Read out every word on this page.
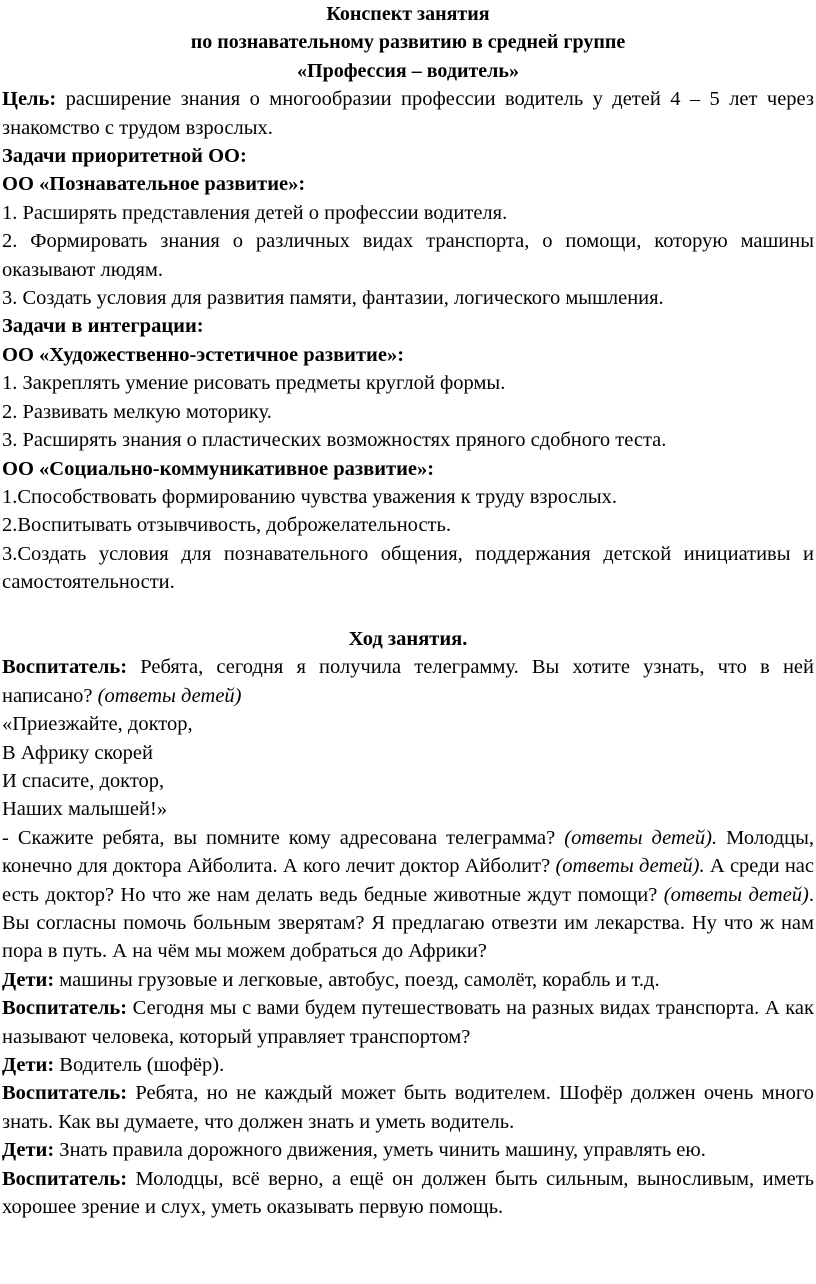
Конспект занятия
по познавательному развитию в средней группе
«Профессия – водитель»

Цель: расширение знания о многообразии профессии водитель у детей 4 – 5 лет через знакомство с трудом взрослых.

Задачи приоритетной ОО:

ОО «Познавательное развитие»:

1. Расширять представления детей о профессии водителя.

2. Формировать знания о различных видах транспорта, о помощи, которую машины оказывают людям.

3. Создать условия для развития памяти, фантазии, логического мышления.

Задачи в интеграции:

ОО «Художественно-эстетичное развитие»:

1. Закреплять умение рисовать предметы круглой формы.

2. Развивать мелкую моторику.

3. Расширять знания о пластических возможностях пряного сдобного теста.

ОО «Социально-коммуникативное развитие»:

1.Способствовать формированию чувства уважения к труду взрослых.

2.Воспитывать отзывчивость, доброжелательность.

3.Создать условия для познавательного общения, поддержания детской инициативы и самостоятельности.

Ход занятия.

Воспитатель: Ребята, сегодня я получила телеграмму. Вы хотите узнать, что в ней написано? (ответы детей)

«Приезжайте, доктор,

В Африку скорей

И спасите, доктор,

Наших малышей!»

- Скажите ребята, вы помните кому адресована телеграмма? (ответы детей). Молодцы, конечно для доктора Айболита. А кого лечит доктор Айболит? (ответы детей). А среди нас есть доктор? Но что же нам делать ведь бедные животные ждут помощи? (ответы детей). Вы согласны помочь больным зверятам? Я предлагаю отвезти им лекарства. Ну что ж нам пора в путь. А на чём мы можем добраться до Африки?

Дети: машины грузовые и легковые, автобус, поезд, самолёт, корабль и т.д.

Воспитатель: Сегодня мы с вами будем путешествовать на разных видах транспорта. А как называют человека, который управляет транспортом?

Дети: Водитель (шофёр).

Воспитатель: Ребята, но не каждый может быть водителем. Шофёр должен очень много знать. Как вы думаете, что должен знать и уметь водитель.

Дети: Знать правила дорожного движения, уметь чинить машину, управлять ею.

Воспитатель: Молодцы, всё верно, а ещё он должен быть сильным, выносливым, иметь хорошее зрение и слух, уметь оказывать первую помощь.
